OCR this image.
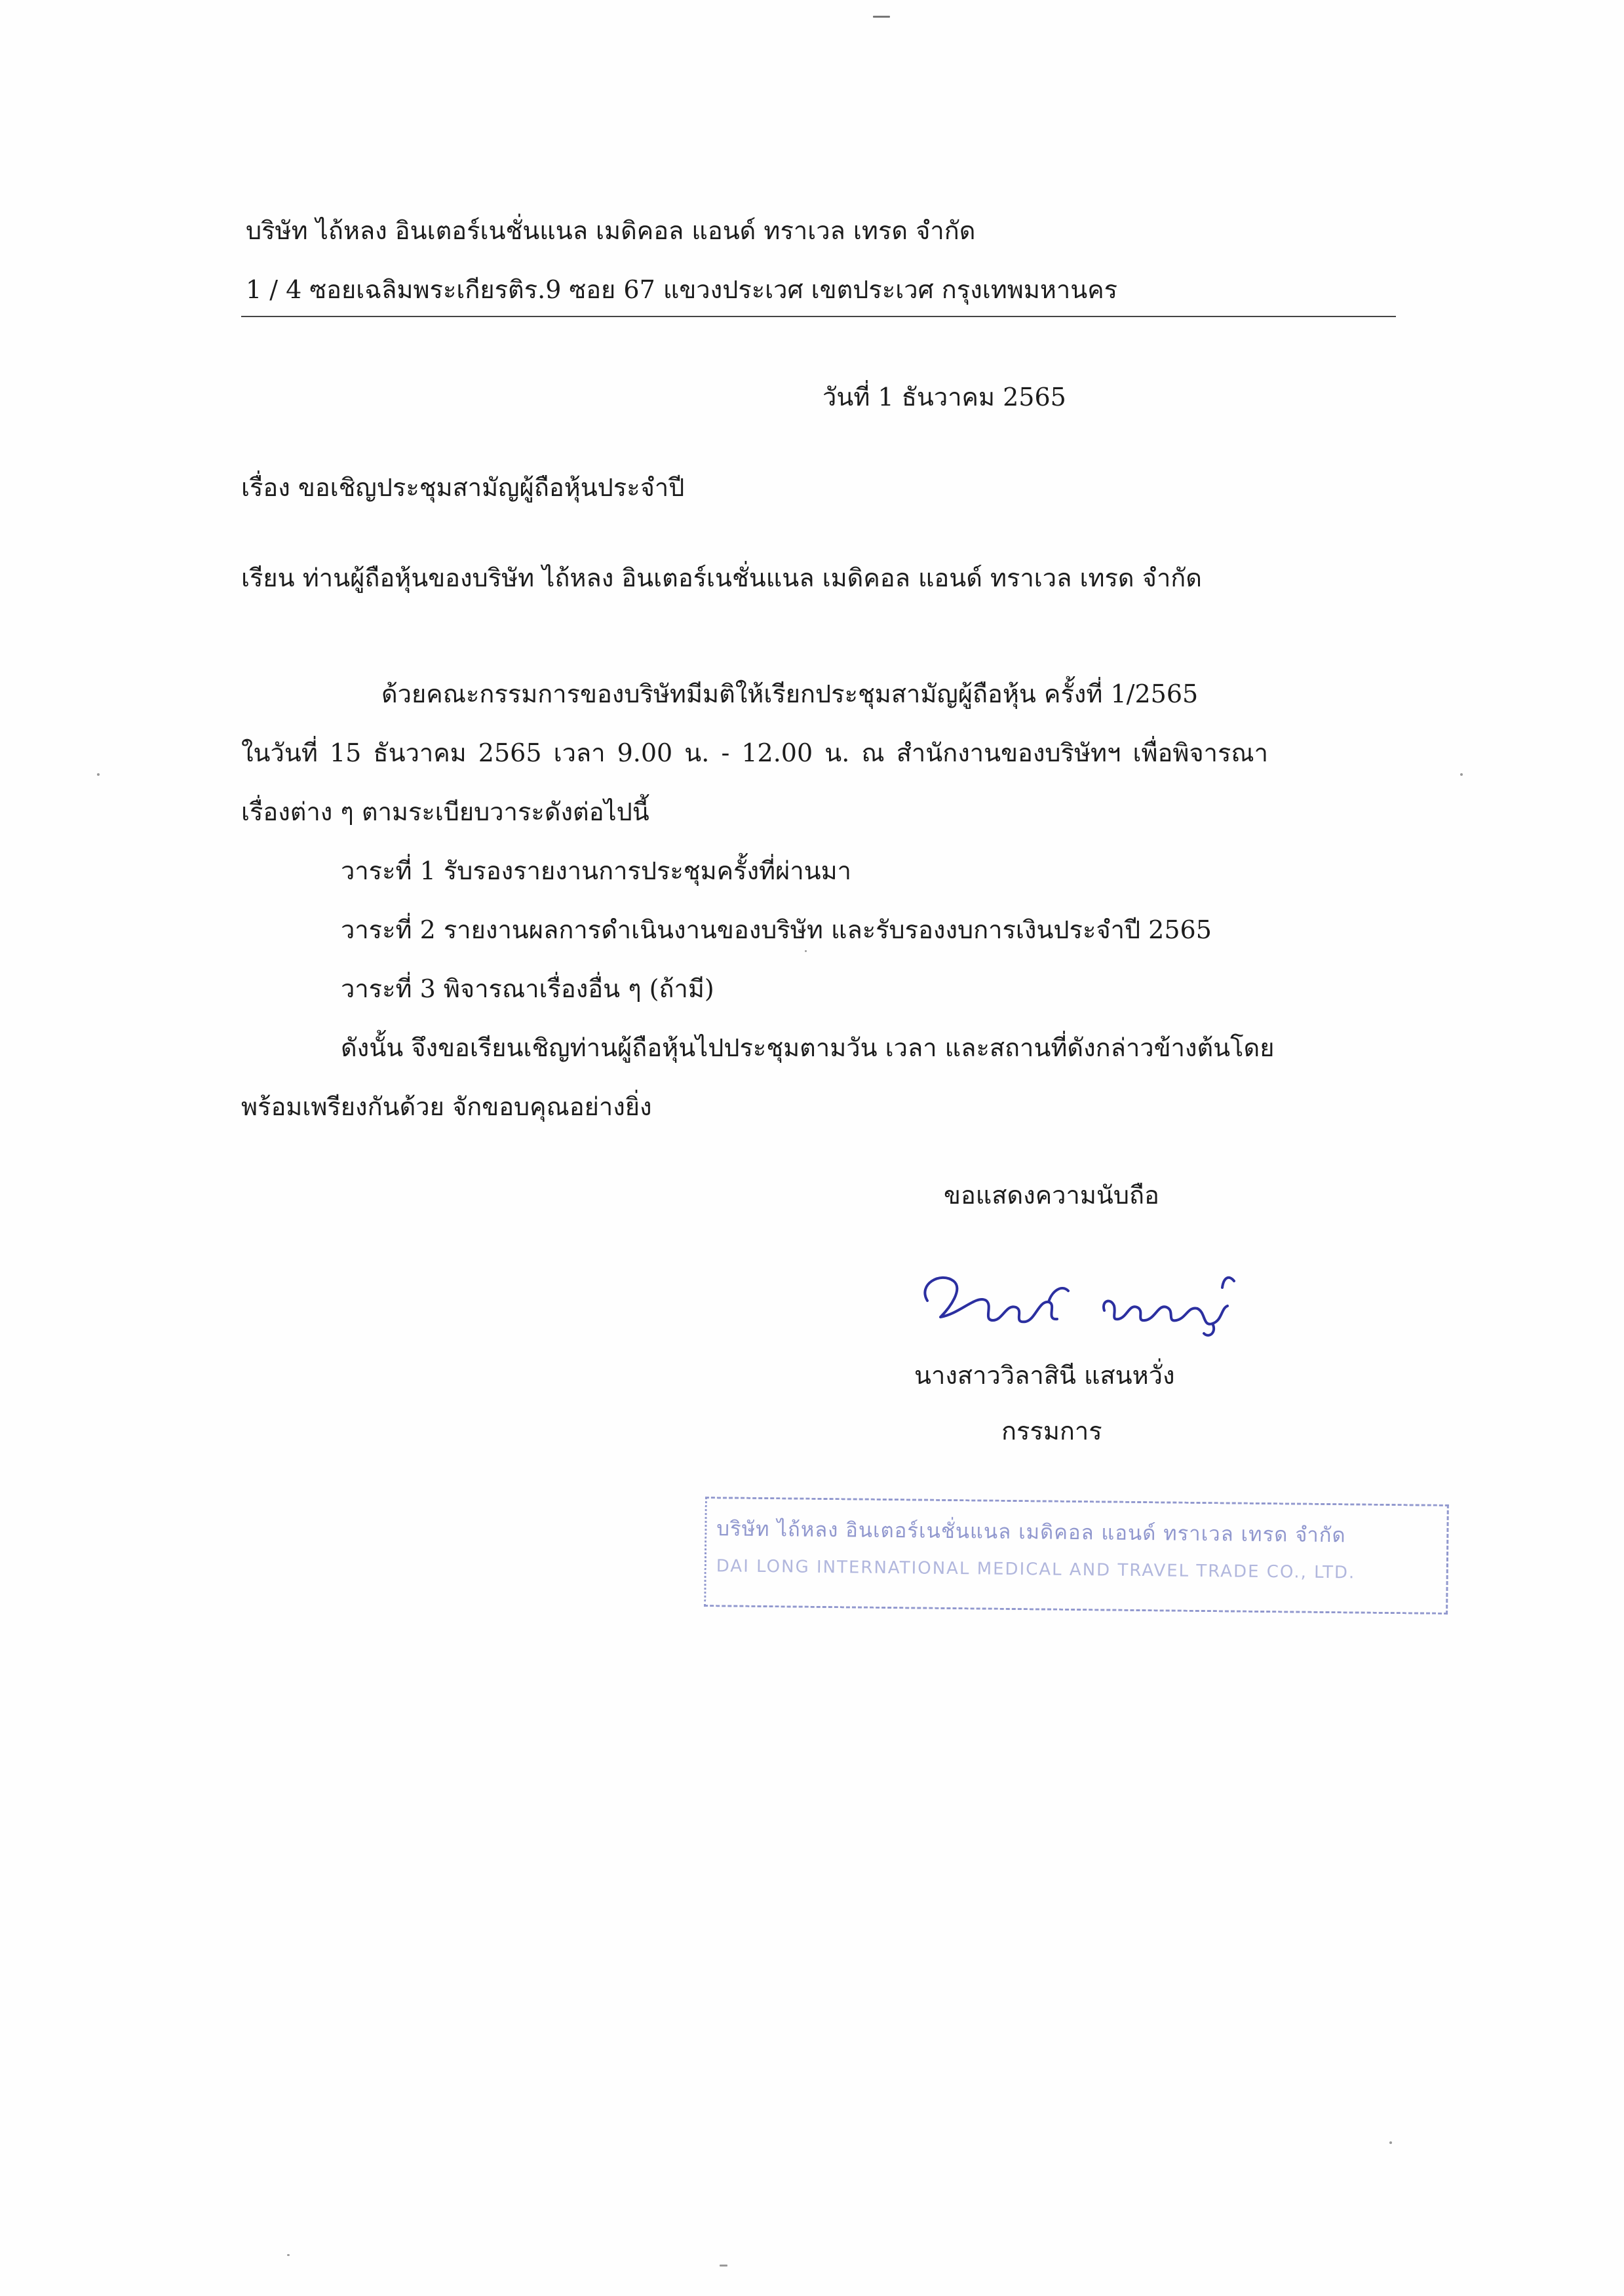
บริษัท ไถ้หลง อินเตอร์เนชั่นแนล เมดิคอล แอนด์ ทราเวล เทรด จำกัด
1 / 4 ซอยเฉลิมพระเกียรติร.9 ซอย 67 แขวงประเวศ เขตประเวศ กรุงเทพมหานคร
วันที่ 1 ธันวาคม 2565
เรื่อง ขอเชิญประชุมสามัญผู้ถือหุ้นประจำปี
เรียน ท่านผู้ถือหุ้นของบริษัท ไถ้หลง อินเตอร์เนชั่นแนล เมดิคอล แอนด์ ทราเวล เทรด จำกัด
ด้วยคณะกรรมการของบริษัทมีมติให้เรียกประชุมสามัญผู้ถือหุ้น ครั้งที่ 1/2565
ในวันที่ 15 ธันวาคม 2565 เวลา 9.00 น. - 12.00 น. ณ สำนักงานของบริษัทฯ เพื่อพิจารณา
เรื่องต่าง ๆ ตามระเบียบวาระดังต่อไปนี้
วาระที่ 1 รับรองรายงานการประชุมครั้งที่ผ่านมา
วาระที่ 2 รายงานผลการดำเนินงานของบริษัท และรับรองงบการเงินประจำปี 2565
วาระที่ 3 พิจารณาเรื่องอื่น ๆ (ถ้ามี)
ดังนั้น จึงขอเรียนเชิญท่านผู้ถือหุ้นไปประชุมตามวัน เวลา และสถานที่ดังกล่าวข้างต้นโดย
พร้อมเพรียงกันด้วย จักขอบคุณอย่างยิ่ง
ขอแสดงความนับถือ
นางสาววิลาสินี แสนหวั่ง
กรรมการ
บริษัท ไถ้หลง อินเตอร์เนชั่นแนล เมดิคอล แอนด์ ทราเวล เทรด จำกัด
DAI LONG INTERNATIONAL MEDICAL AND TRAVEL TRADE CO., LTD.
